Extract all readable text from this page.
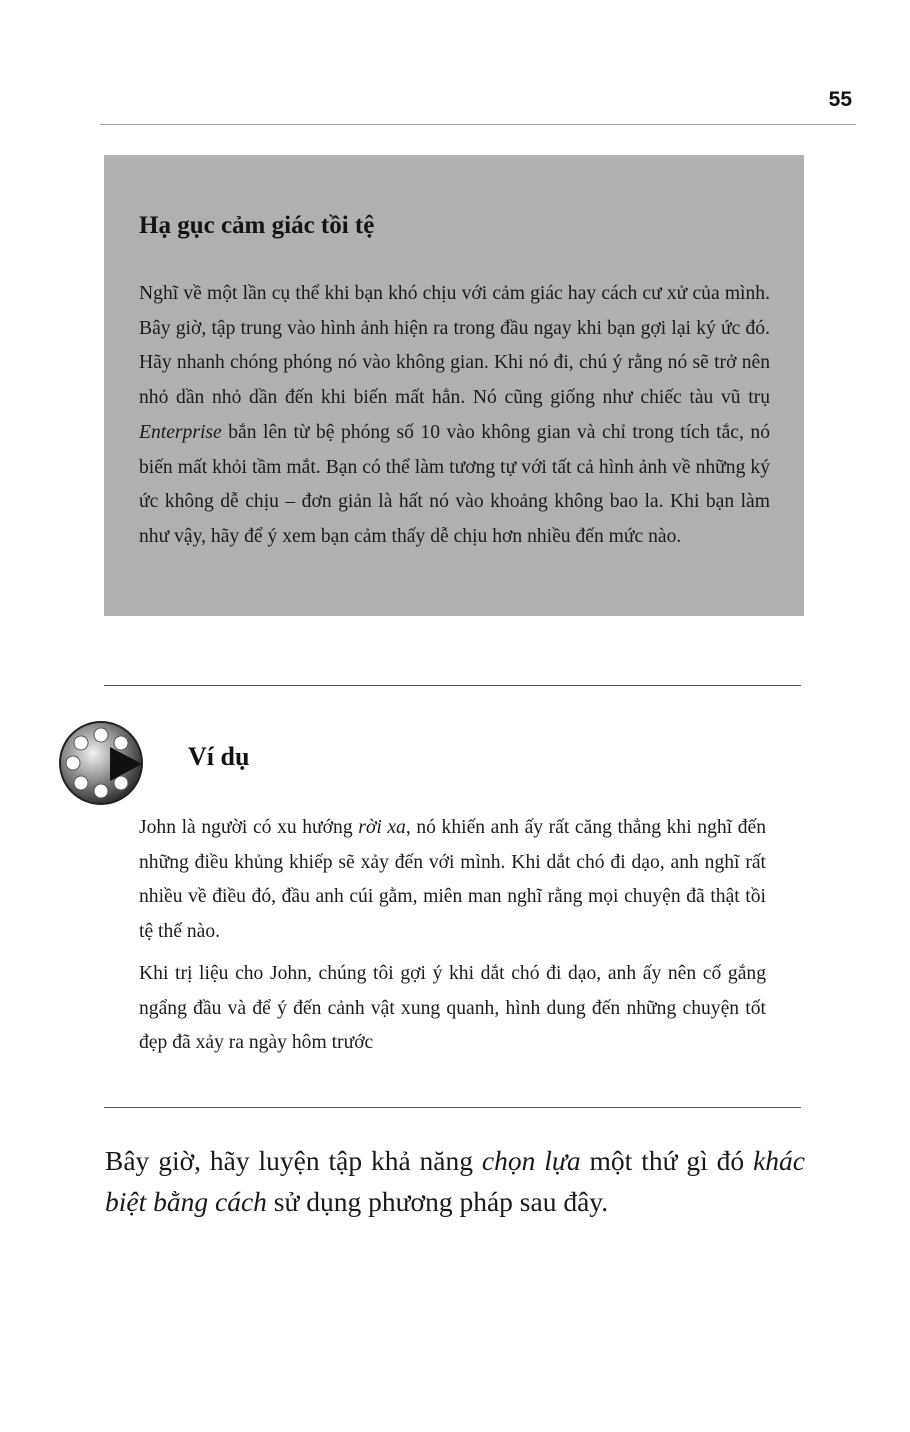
55
Hạ gục cảm giác tồi tệ
Nghĩ về một lần cụ thể khi bạn khó chịu với cảm giác hay cách cư xử của mình. Bây giờ, tập trung vào hình ảnh hiện ra trong đầu ngay khi bạn gợi lại ký ức đó. Hãy nhanh chóng phóng nó vào không gian. Khi nó đi, chú ý rằng nó sẽ trở nên nhỏ dần nhỏ dần đến khi biến mất hẳn. Nó cũng giống như chiếc tàu vũ trụ Enterprise bắn lên từ bệ phóng số 10 vào không gian và chỉ trong tích tắc, nó biến mất khỏi tầm mắt. Bạn có thể làm tương tự với tất cả hình ảnh về những ký ức không dễ chịu – đơn giản là hất nó vào khoảng không bao la. Khi bạn làm như vậy, hãy để ý xem bạn cảm thấy dễ chịu hơn nhiều đến mức nào.
Ví dụ

John là người có xu hướng rời xa, nó khiến anh ấy rất căng thẳng khi nghĩ đến những điều khủng khiếp sẽ xảy đến với mình. Khi dắt chó đi dạo, anh nghĩ rất nhiều về điều đó, đầu anh cúi gằm, miên man nghĩ rằng mọi chuyện đã thật tồi tệ thế nào.

Khi trị liệu cho John, chúng tôi gợi ý khi dắt chó đi dạo, anh ấy nên cố gắng ngẩng đầu và để ý đến cảnh vật xung quanh, hình dung đến những chuyện tốt đẹp đã xảy ra ngày hôm trước

Bây giờ, hãy luyện tập khả năng chọn lựa một thứ gì đó khác biệt bằng cách sử dụng phương pháp sau đây.
